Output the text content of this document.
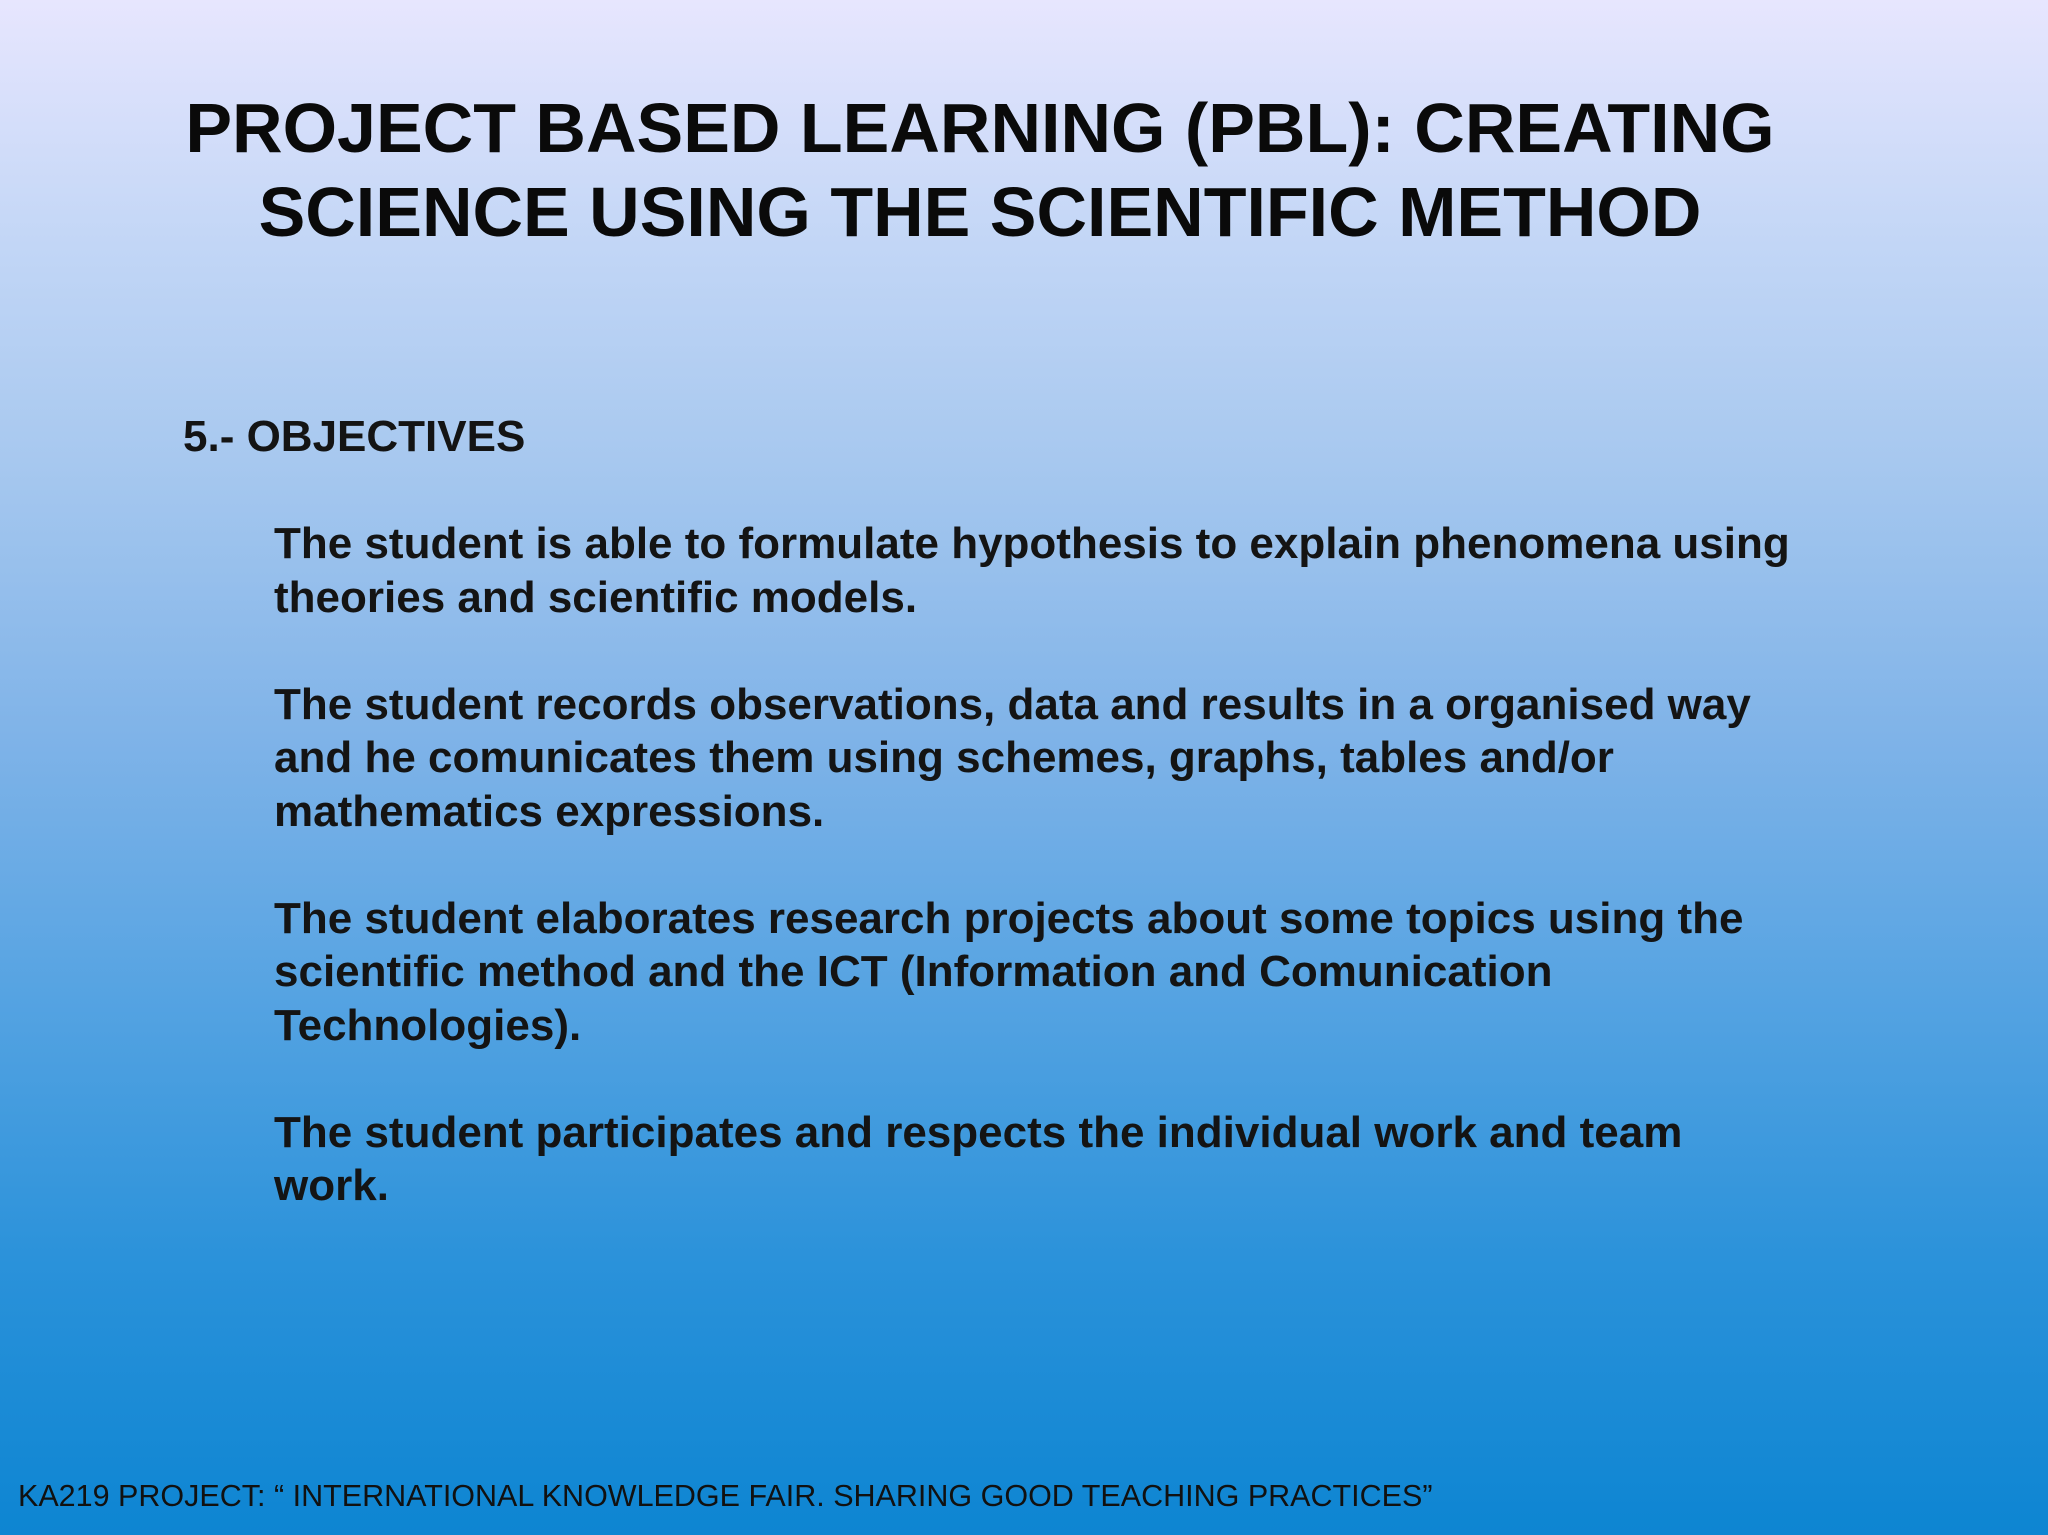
PROJECT BASED LEARNING (PBL): CREATING SCIENCE USING THE SCIENTIFIC METHOD
5.- OBJECTIVES
The student is able to formulate hypothesis to explain phenomena using theories and scientific models.
The student records observations, data and results in a organised way and he comunicates them using schemes, graphs, tables and/or mathematics expressions.
The student elaborates research projects about some topics using the scientific method and the ICT (Information and Comunication Technologies).
The student participates and respects the individual work and team work.

KA219 PROJECT: “ INTERNATIONAL KNOWLEDGE FAIR. SHARING GOOD TEACHING PRACTICES”
